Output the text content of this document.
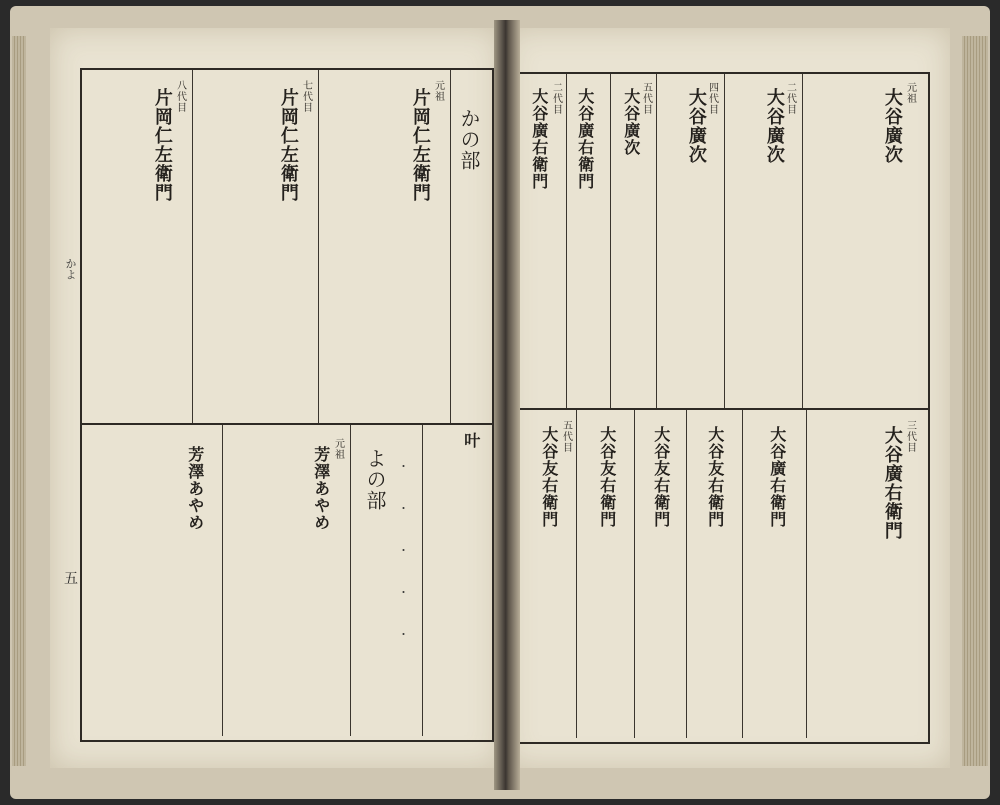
かよ
五
かの部
元祖
片岡仁左衛門
七代目
片岡仁左衛門
八代目
片岡仁左衛門
叶
・

・

・

・

・
よの部
元祖
芳澤あやめ
芳澤あやめ
元祖
大谷廣次
二代目
大谷廣次
四代目
大谷廣次
五代目
大谷廣次
大谷廣右衛門
二代目
大谷廣右衛門
三代目
大谷廣右衛門
大谷廣右衛門
大谷友右衛門
大谷友右衛門
大谷友右衛門
五代目
大谷友右衛門
